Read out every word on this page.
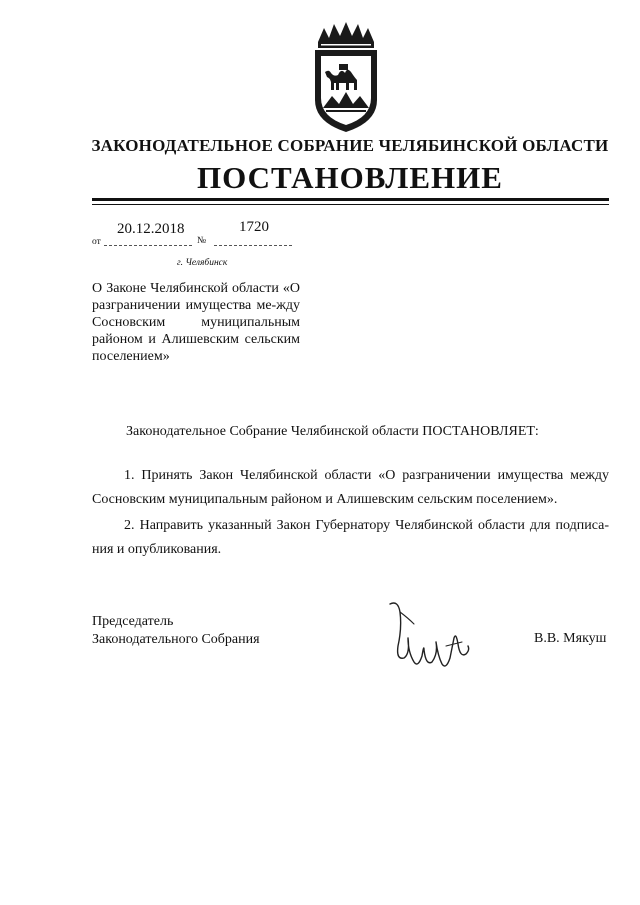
ЗАКОНОДАТЕЛЬНОЕ СОБРАНИЕ ЧЕЛЯБИНСКОЙ ОБЛАСТИ
ПОСТАНОВЛЕНИЕ
20.12.2018	1720
от	№
г. Челябинск
О Законе Челябинской области «О разграничении имущества ме-жду Сосновским муниципальным районом и Алишевским сельским поселением»
Законодательное Собрание Челябинской области ПОСТАНОВЛЯЕТ:
1. Принять Закон Челябинской области «О разграничении имущества между Сосновским муниципальным районом и Алишевским сельским поселением».
2. Направить указанный Закон Губернатору Челябинской области для подписа-ния и опубликования.
Председатель
Законодательного Собрания	В.В. Мякуш
